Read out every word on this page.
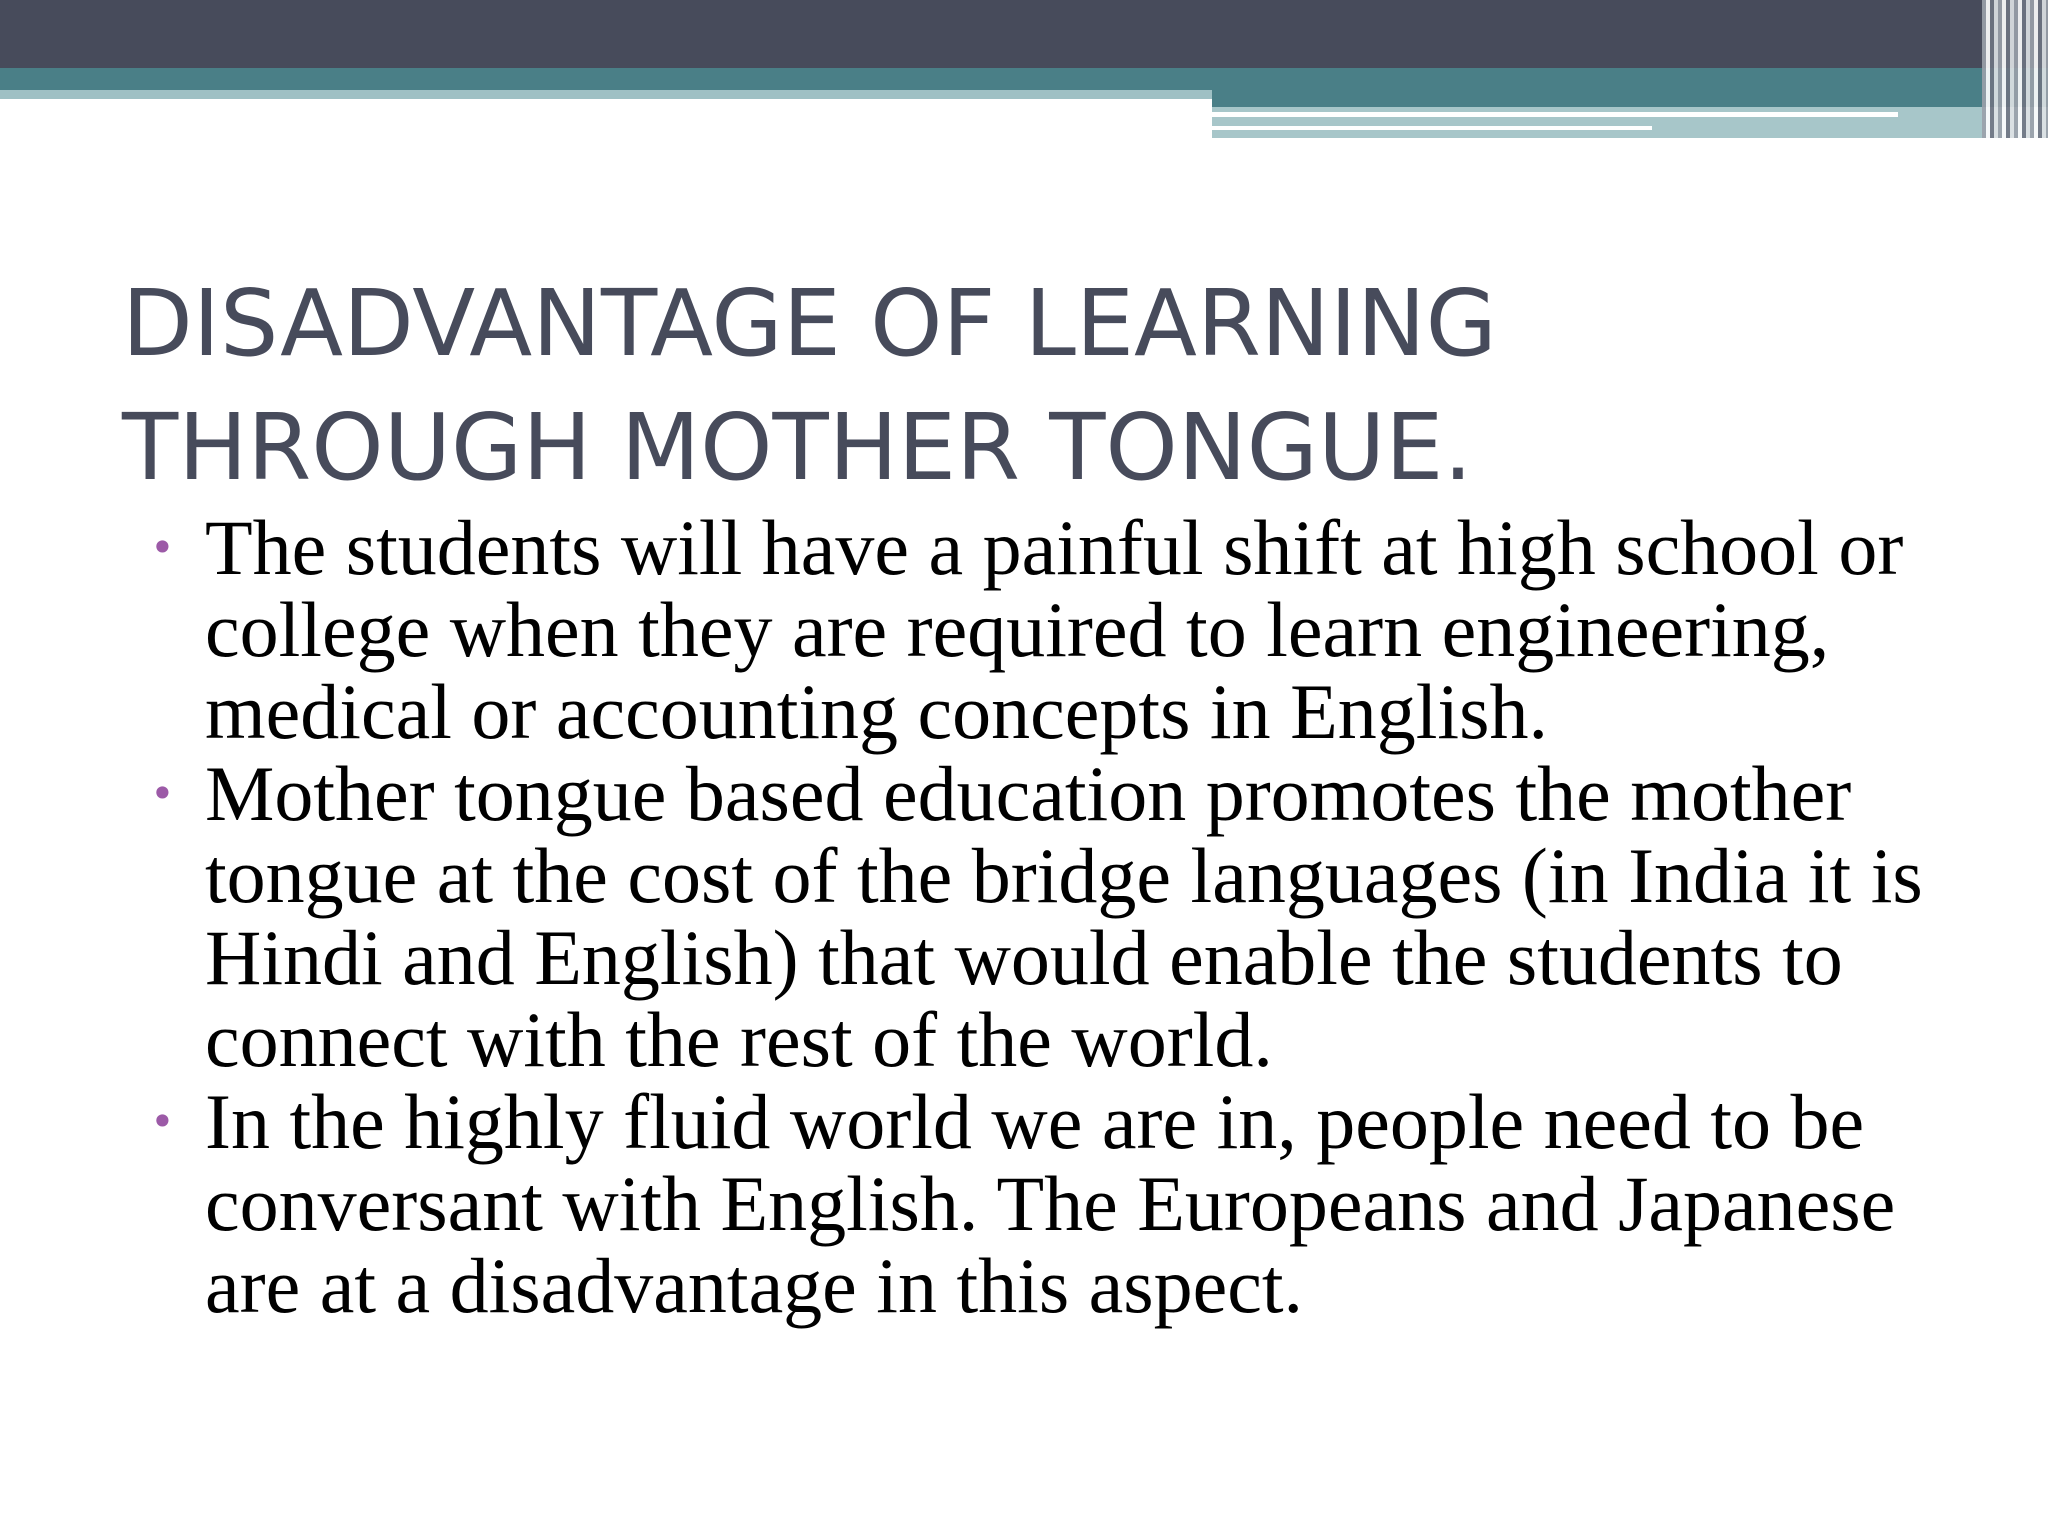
DISADVANTAGE OF LEARNING THROUGH MOTHER TONGUE.
• The students will have a painful shift at high school or college when they are required to learn engineering, medical or accounting concepts in English.
• Mother tongue based education promotes the mother tongue at the cost of the bridge languages (in India it is Hindi and English) that would enable the students to connect with the rest of the world.
• In the highly fluid world we are in, people need to be conversant with English. The Europeans and Japanese are at a disadvantage in this aspect.
